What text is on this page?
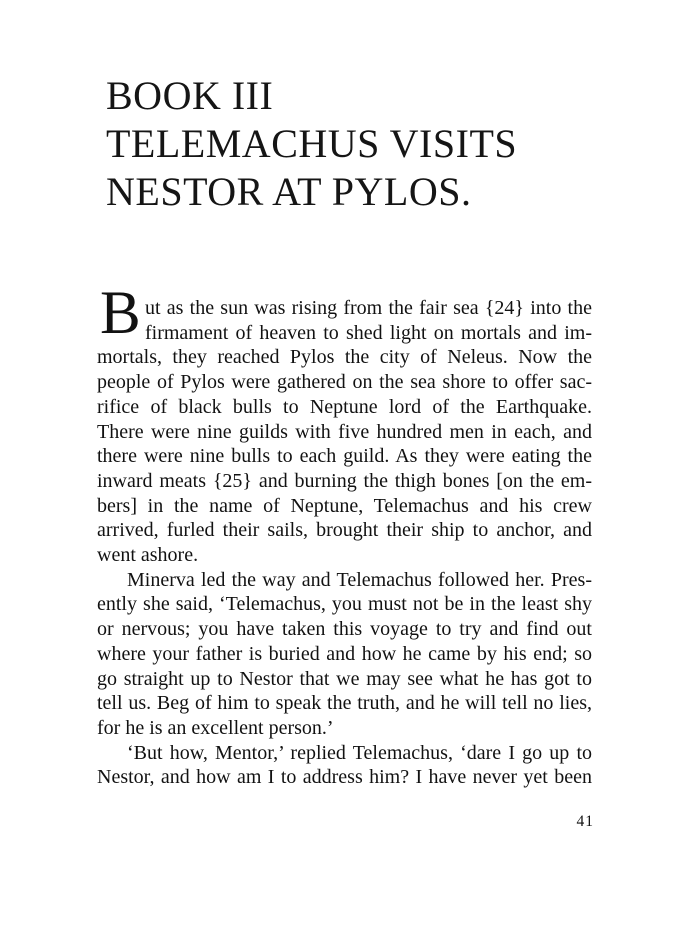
BOOK III
TELEMACHUS VISITS
NESTOR AT PYLOS.
B ut as the sun was rising from the fair sea {24} into the
firmament of heaven to shed light on mortals and im-
mortals, they reached Pylos the city of Neleus. Now the
people of Pylos were gathered on the sea shore to offer sac-
rifice of black bulls to Neptune lord of the Earthquake.
There were nine guilds with five hundred men in each, and
there were nine bulls to each guild. As they were eating the
inward meats {25} and burning the thigh bones [on the em-
bers] in the name of Neptune, Telemachus and his crew
arrived, furled their sails, brought their ship to anchor, and
went ashore.
Minerva led the way and Telemachus followed her. Pres-
ently she said, ‘Telemachus, you must not be in the least shy
or nervous; you have taken this voyage to try and find out
where your father is buried and how he came by his end; so
go straight up to Nestor that we may see what he has got to
tell us. Beg of him to speak the truth, and he will tell no lies,
for he is an excellent person.’
‘But how, Mentor,’ replied Telemachus, ‘dare I go up to
Nestor, and how am I to address him? I have never yet been
41
